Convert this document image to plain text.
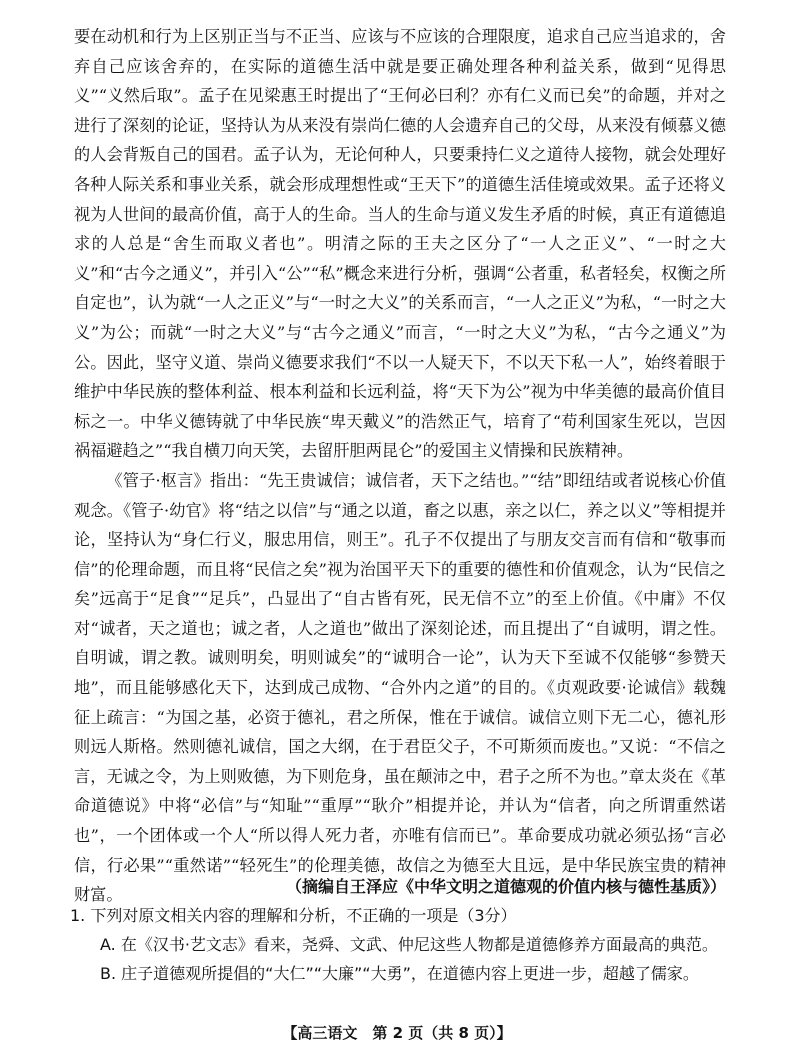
要在动机和行为上区别正当与不正当、应该与不应该的合理限度，追求自己应当追求的，舍弃自己应该舍弃的，在实际的道德生活中就是要正确处理各种利益关系，做到“见得思义”“义然后取”。孟子在见梁惠王时提出了“王何必曰利？亦有仁义而已矣”的命题，并对之进行了深刻的论证，坚持认为从来没有崇尚仁德的人会遗弃自己的父母，从来没有倾慕义德的人会背叛自己的国君。孟子认为，无论何种人，只要秉持仁义之道待人接物，就会处理好各种人际关系和事业关系，就会形成理想性或“王天下”的道德生活佳境或效果。孟子还将义视为人世间的最高价值，高于人的生命。当人的生命与道义发生矛盾的时候，真正有道德追求的人总是“舍生而取义者也”。明清之际的王夫之区分了“一人之正义”、“一时之大义”和“古今之通义”，并引入“公”“私”概念来进行分析，强调“公者重，私者轻矣，权衡之所自定也”，认为就“一人之正义”与“一时之大义”的关系而言，“一人之正义”为私，“一时之大义”为公；而就“一时之大义”与“古今之通义”而言，“一时之大义”为私，“古今之通义”为公。因此，坚守义道、崇尚义德要求我们“不以一人疑天下，不以天下私一人”，始终着眼于维护中华民族的整体利益、根本利益和长远利益，将“天下为公”视为中华美德的最高价值目标之一。中华义德铸就了中华民族“卑天戴义”的浩然正气，培育了“苟利国家生死以，岂因祸福避趋之”“我自横刀向天笑，去留肝胆两昆仑”的爱国主义情操和民族精神。

《管子·枢言》指出：“先王贵诚信；诚信者，天下之结也。”“结”即纽结或者说核心价值观念。《管子·幼官》将“结之以信”与“通之以道，畜之以惠，亲之以仁，养之以义”等相提并论，坚持认为“身仁行义，服忠用信，则王”。孔子不仅提出了与朋友交言而有信和“敬事而信”的伦理命题，而且将“民信之矣”视为治国平天下的重要的德性和价值观念，认为“民信之矣”远高于“足食”“足兵”，凸显出了“自古皆有死，民无信不立”的至上价值。《中庸》不仅对“诚者，天之道也；诚之者，人之道也”做出了深刻论述，而且提出了“自诚明，谓之性。自明诚，谓之教。诚则明矣，明则诚矣”的“诚明合一论”，认为天下至诚不仅能够“参赞天地”，而且能够感化天下，达到成己成物、“合外内之道”的目的。《贞观政要·论诚信》载魏征上疏言：“为国之基，必资于德礼，君之所保，惟在于诚信。诚信立则下无二心，德礼形则远人斯格。然则德礼诚信，国之大纲，在于君臣父子，不可斯须而废也。”又说：“不信之言，无诚之令，为上则败德，为下则危身，虽在颠沛之中，君子之所不为也。”章太炎在《革命道德说》中将“必信”与“知耻”“重厚”“耿介”相提并论，并认为“信者，向之所谓重然诺也”，一个团体或一个人“所以得人死力者，亦唯有信而已”。革命要成功就必须弘扬“言必信，行必果”“重然诺”“轻死生”的伦理美德，故信之为德至大且远，是中华民族宝贵的精神财富。	（摘编自王泽应《中华文明之道德观的价值内核与德性基质》）

1. 下列对原文相关内容的理解和分析，不正确的一项是（3分）

A. 在《汉书·艺文志》看来，尧舜、文武、仲尼这些人物都是道德修养方面最高的典范。

B. 庄子道德观所提倡的“大仁”“大廉”“大勇”，在道德内容上更进一步，超越了儒家。

【高三语文　第 2 页（共 8 页）】
